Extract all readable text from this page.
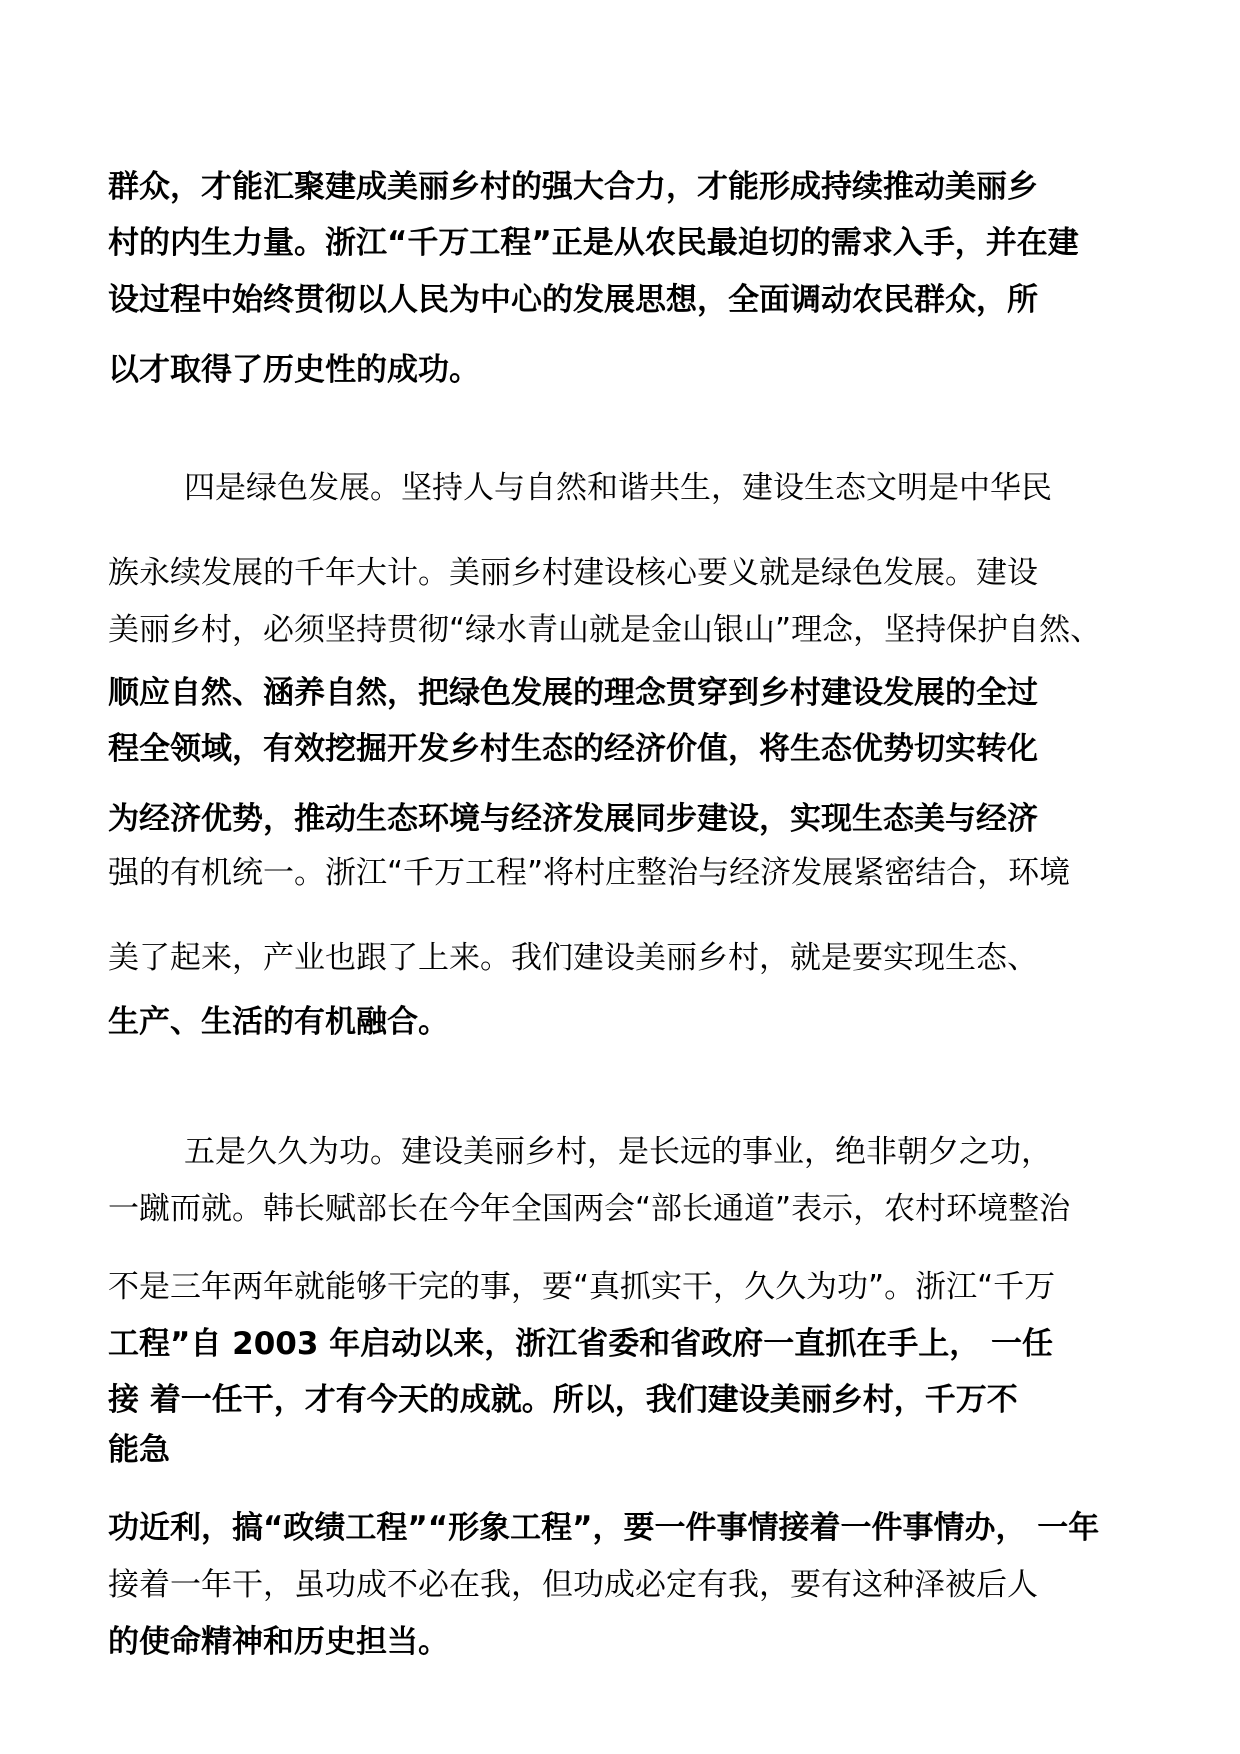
群众，才能汇聚建成美丽乡村的强大合力，才能形成持续推动美丽乡
村的内生力量。浙江“千万工程”正是从农民最迫切的需求入手，并在建
设过程中始终贯彻以人民为中心的发展思想，全面调动农民群众，所
以才取得了历史性的成功。
四是绿色发展。坚持人与自然和谐共生，建设生态文明是中华民
族永续发展的千年大计。美丽乡村建设核心要义就是绿色发展。建设
美丽乡村，必须坚持贯彻“绿水青山就是金山银山”理念，坚持保护自然、
顺应自然、涵养自然，把绿色发展的理念贯穿到乡村建设发展的全过
程全领域，有效挖掘开发乡村生态的经济价值，将生态优势切实转化
为经济优势，推动生态环境与经济发展同步建设，实现生态美与经济
强的有机统一。浙江“千万工程”将村庄整治与经济发展紧密结合，环境
美了起来，产业也跟了上来。我们建设美丽乡村，就是要实现生态、
生产、生活的有机融合。
五是久久为功。建设美丽乡村，是长远的事业，绝非朝夕之功，
一蹴而就。韩长赋部长在今年全国两会“部长通道”表示，农村环境整治
不是三年两年就能够干完的事，要“真抓实干，久久为功”。浙江“千万
工程”自 2003 年启动以来，浙江省委和省政府一直抓在手上， 一任
接 着一任干，才有今天的成就。所以，我们建设美丽乡村，千万不
能急
功近利，搞“政绩工程”“形象工程”，要一件事情接着一件事情办， 一年
接着一年干，虽功成不必在我，但功成必定有我，要有这种泽被后人
的使命精神和历史担当。
